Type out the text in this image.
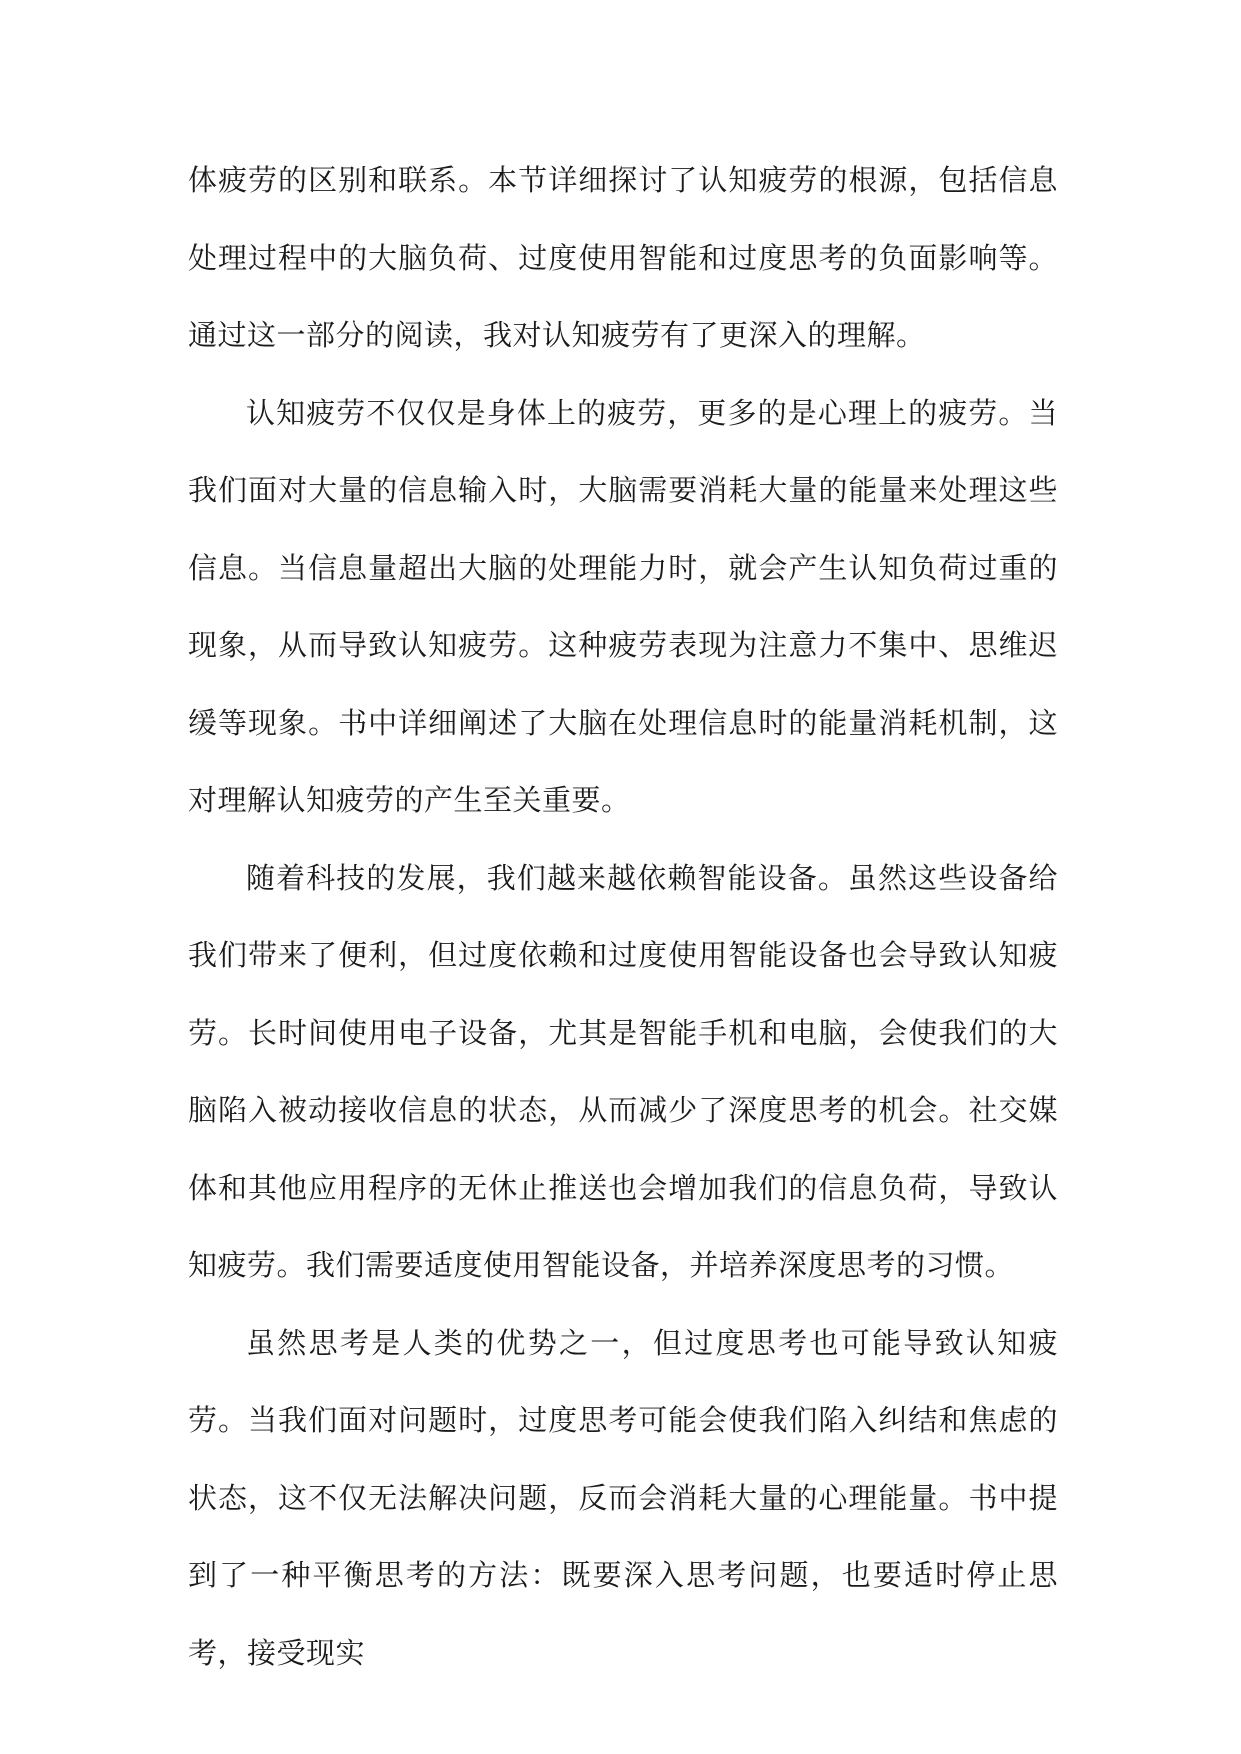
体疲劳的区别和联系。本节详细探讨了认知疲劳的根源，包括信息处理过程中的大脑负荷、过度使用智能和过度思考的负面影响等。通过这一部分的阅读，我对认知疲劳有了更深入的理解。

认知疲劳不仅仅是身体上的疲劳，更多的是心理上的疲劳。当我们面对大量的信息输入时，大脑需要消耗大量的能量来处理这些信息。当信息量超出大脑的处理能力时，就会产生认知负荷过重的现象，从而导致认知疲劳。这种疲劳表现为注意力不集中、思维迟缓等现象。书中详细阐述了大脑在处理信息时的能量消耗机制，这对理解认知疲劳的产生至关重要。

随着科技的发展，我们越来越依赖智能设备。虽然这些设备给我们带来了便利，但过度依赖和过度使用智能设备也会导致认知疲劳。长时间使用电子设备，尤其是智能手机和电脑，会使我们的大脑陷入被动接收信息的状态，从而减少了深度思考的机会。社交媒体和其他应用程序的无休止推送也会增加我们的信息负荷，导致认知疲劳。我们需要适度使用智能设备，并培养深度思考的习惯。

虽然思考是人类的优势之一，但过度思考也可能导致认知疲劳。当我们面对问题时，过度思考可能会使我们陷入纠结和焦虑的状态，这不仅无法解决问题，反而会消耗大量的心理能量。书中提到了一种平衡思考的方法：既要深入思考问题，也要适时停止思考，接受现实
